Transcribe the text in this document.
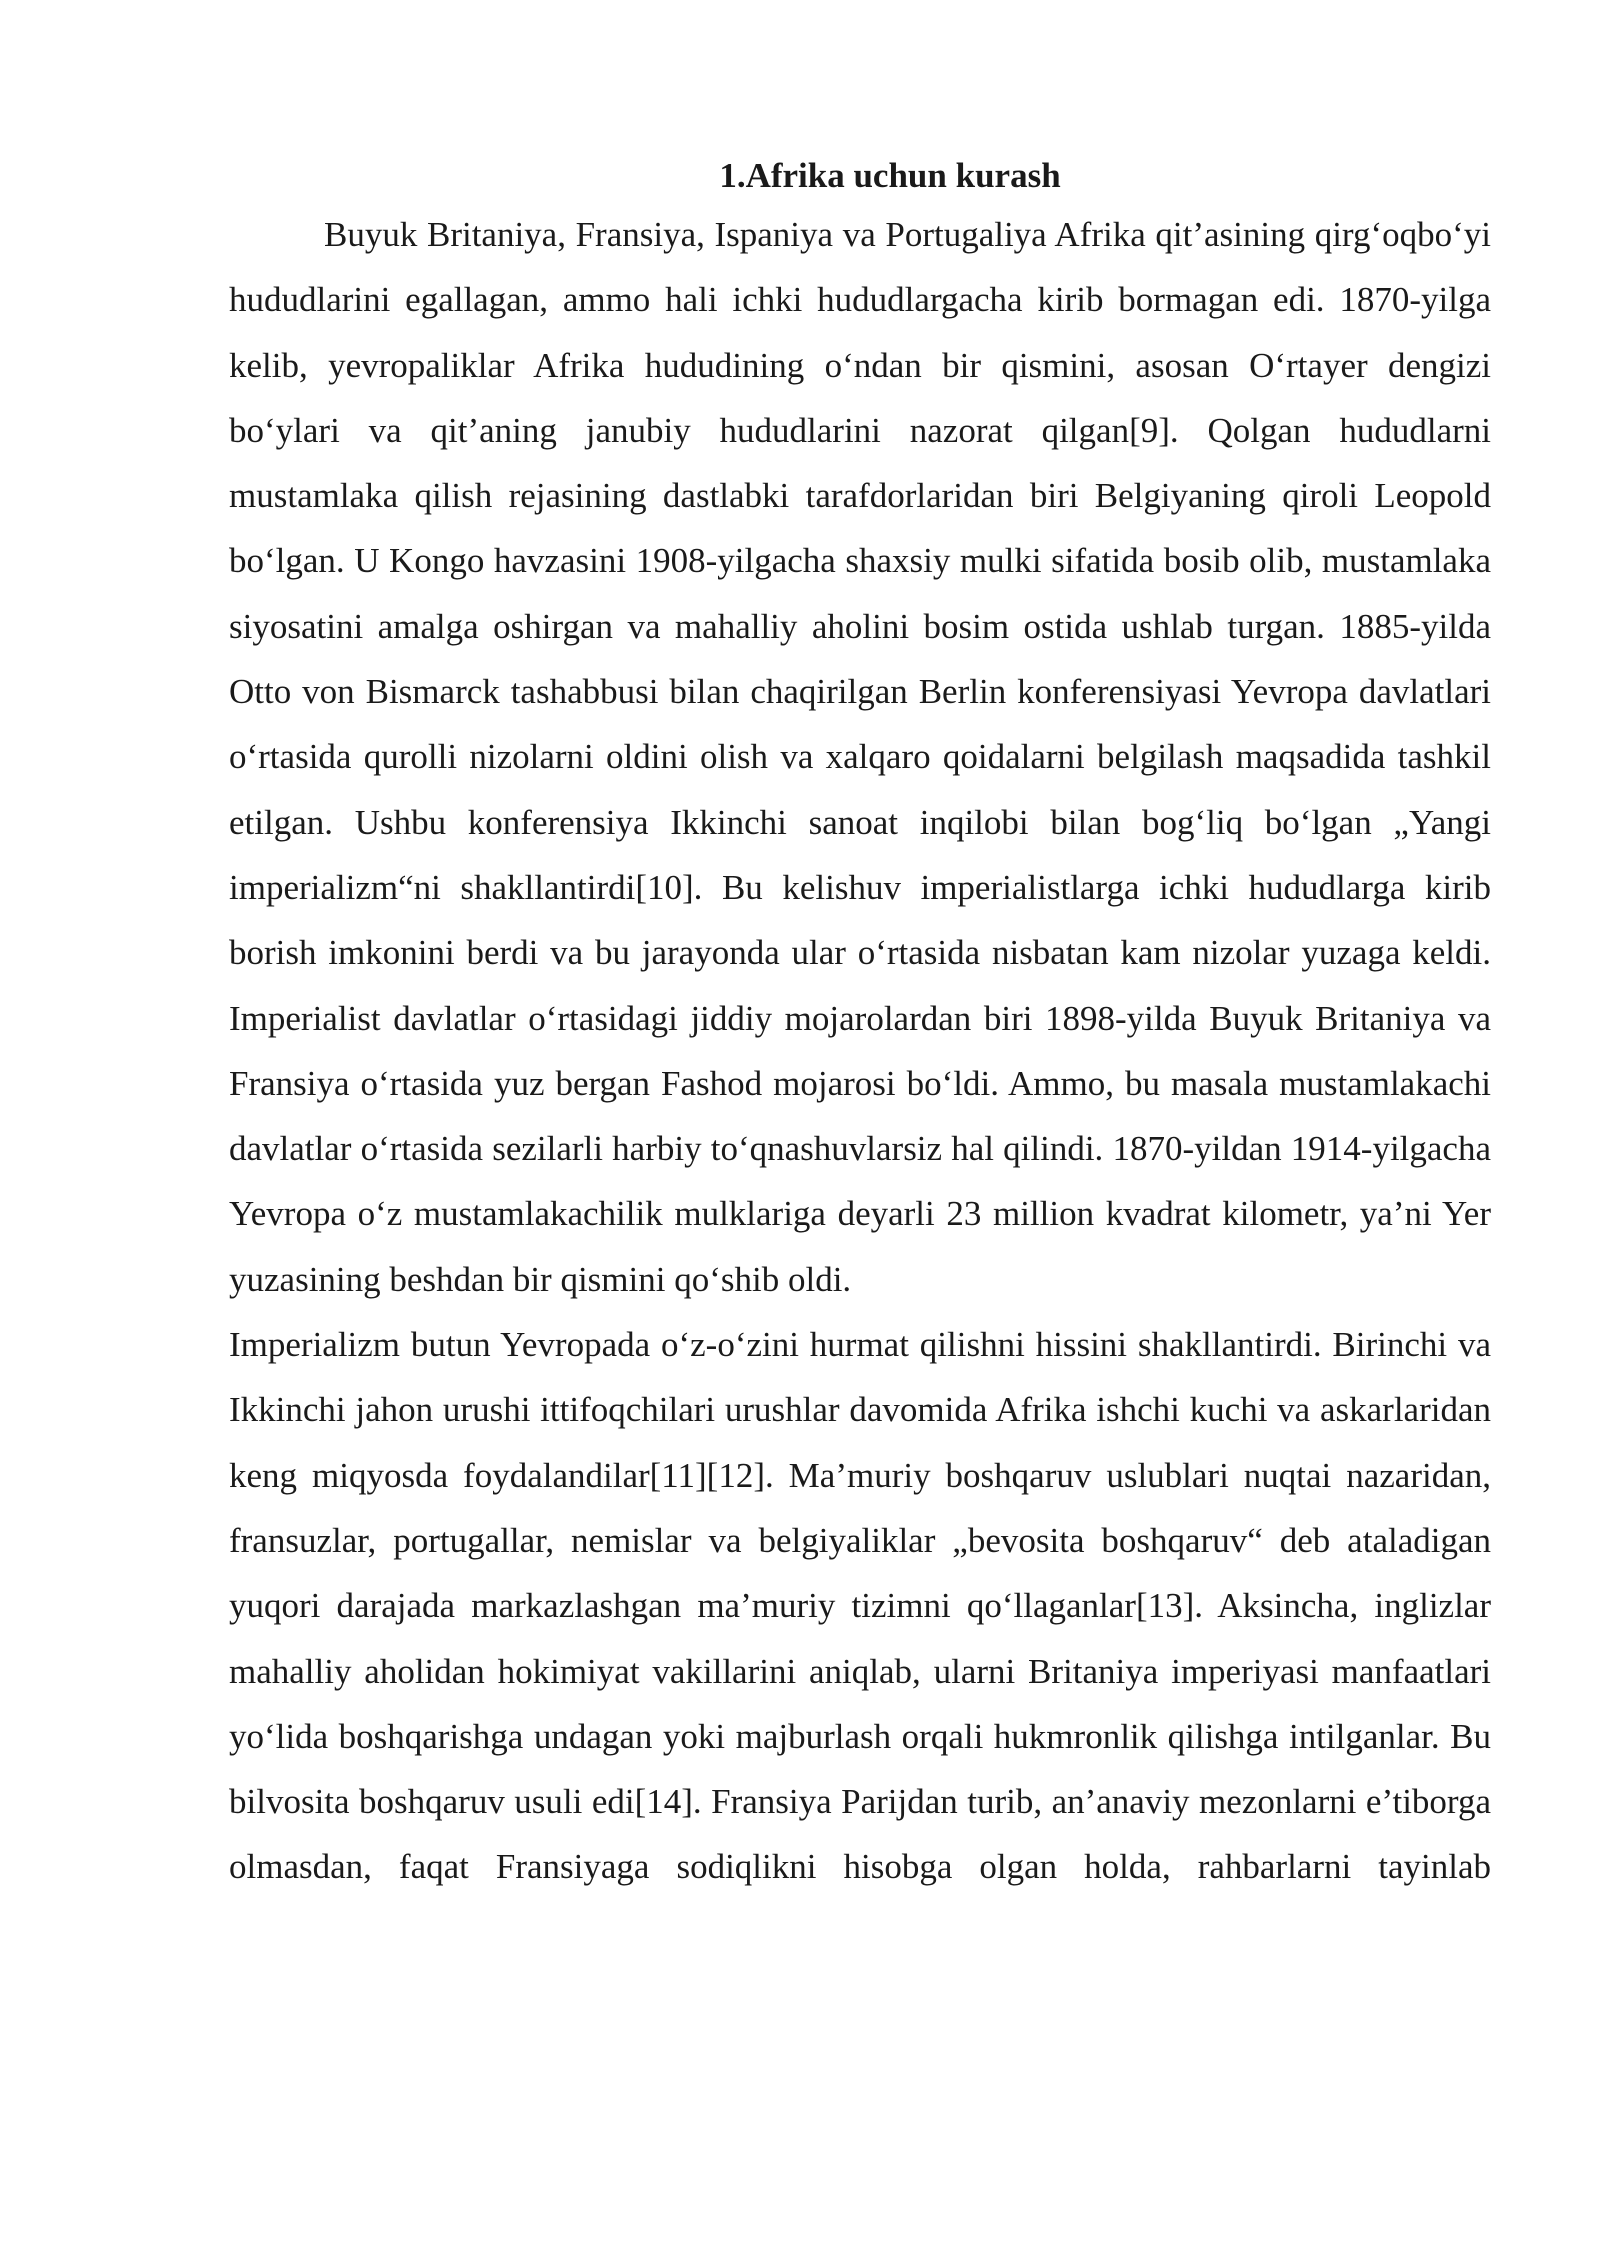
1.Afrika uchun kurash

Buyuk Britaniya, Fransiya, Ispaniya va Portugaliya Afrika qit’asining qirg‘oqbo‘yi hududlarini egallagan, ammo hali ichki hududlargacha kirib bormagan edi. 1870-yilga kelib, yevropaliklar Afrika hududining o‘ndan bir qismini, asosan O‘rtayer dengizi bo‘ylari va qit’aning janubiy hududlarini nazorat qilgan[9]. Qolgan hududlarni mustamlaka qilish rejasining dastlabki tarafdorlaridan biri Belgiyaning qiroli Leopold bo‘lgan. U Kongo havzasini 1908-yilgacha shaxsiy mulki sifatida bosib olib, mustamlaka siyosatini amalga oshirgan va mahalliy aholini bosim ostida ushlab turgan. 1885-yilda Otto von Bismarck tashabbusi bilan chaqirilgan Berlin konferensiyasi Yevropa davlatlari o‘rtasida qurolli nizolarni oldini olish va xalqaro qoidalarni belgilash maqsadida tashkil etilgan. Ushbu konferensiya Ikkinchi sanoat inqilobi bilan bog‘liq bo‘lgan „Yangi imperializm“ni shakllantirdi[10]. Bu kelishuv imperialistlarga ichki hududlarga kirib borish imkonini berdi va bu jarayonda ular o‘rtasida nisbatan kam nizolar yuzaga keldi. Imperialist davlatlar o‘rtasidagi jiddiy mojarolardan biri 1898-yilda Buyuk Britaniya va Fransiya o‘rtasida yuz bergan Fashod mojarosi bo‘ldi. Ammo, bu masala mustamlakachi davlatlar o‘rtasida sezilarli harbiy to‘qnashuvlarsiz hal qilindi. 1870-yildan 1914-yilgacha Yevropa o‘z mustamlakachilik mulklariga deyarli 23 million kvadrat kilometr, ya’ni Yer yuzasining beshdan bir qismini qo‘shib oldi.

Imperializm butun Yevropada o‘z-o‘zini hurmat qilishni hissini shakllantirdi. Birinchi va Ikkinchi jahon urushi ittifoqchilari urushlar davomida Afrika ishchi kuchi va askarlaridan keng miqyosda foydalandilar[11][12]. Ma’muriy boshqaruv uslublari nuqtai nazaridan, fransuzlar, portugallar, nemislar va belgiyaliklar „bevosita boshqaruv“ deb ataladigan yuqori darajada markazlashgan ma’muriy tizimni qo‘llaganlar[13]. Aksincha, inglizlar mahalliy aholidan hokimiyat vakillarini aniqlab, ularni Britaniya imperiyasi manfaatlari yo‘lida boshqarishga undagan yoki majburlash orqali hukmronlik qilishga intilganlar. Bu bilvosita boshqaruv usuli edi[14]. Fransiya Parijdan turib, an’anaviy mezonlarni e’tiborga olmasdan, faqat Fransiyaga sodiqlikni hisobga olgan holda, rahbarlarni tayinlab
